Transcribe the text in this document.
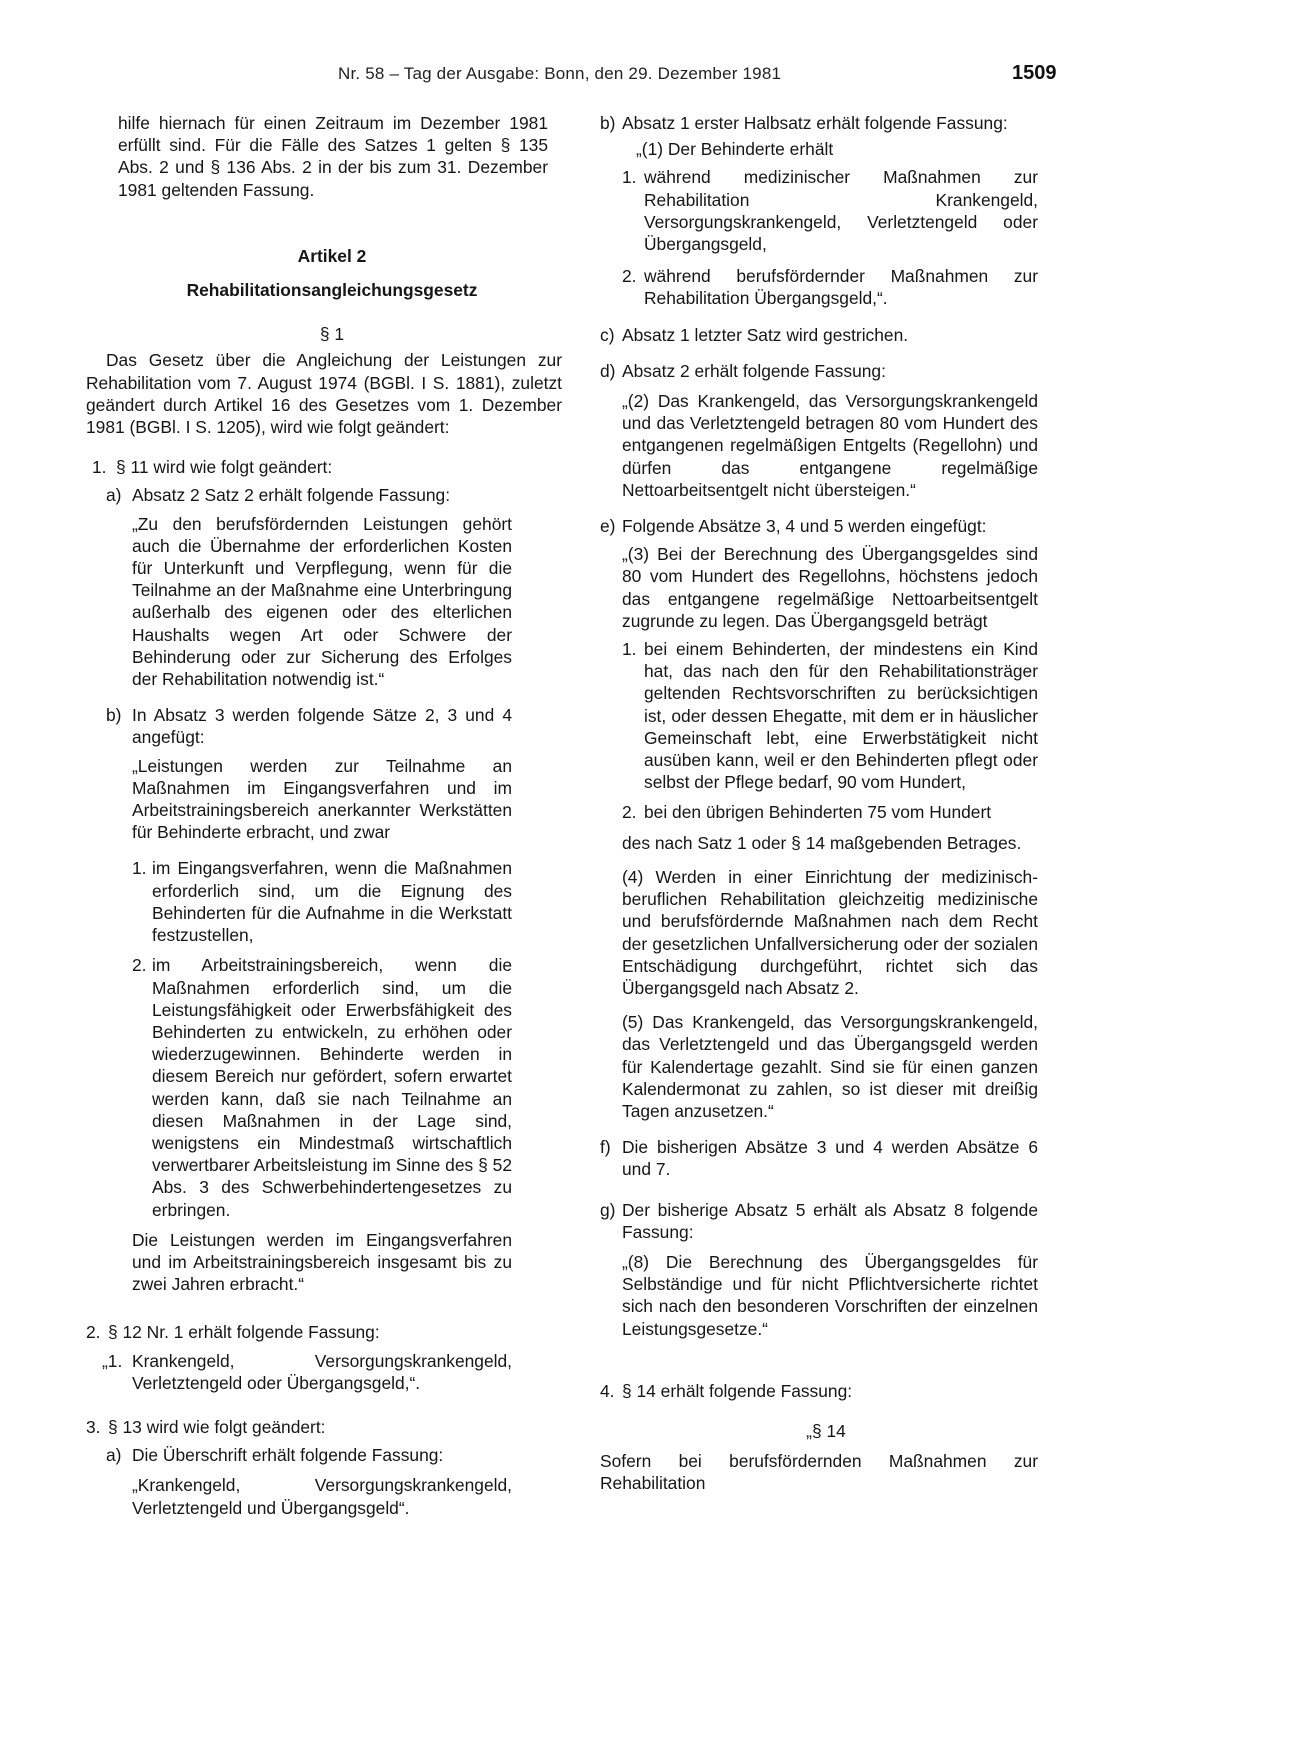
Nr. 58 – Tag der Ausgabe: Bonn, den 29. Dezember 1981	1509

hilfe hiernach für einen Zeitraum im Dezember 1981 erfüllt sind. Für die Fälle des Satzes 1 gelten § 135 Abs. 2 und § 136 Abs. 2 in der bis zum 31. Dezember 1981 geltenden Fassung.

Artikel 2

Rehabilitationsangleichungsgesetz

§ 1

Das Gesetz über die Angleichung der Leistungen zur Rehabilitation vom 7. August 1974 (BGBl. I S. 1881), zuletzt geändert durch Artikel 16 des Gesetzes vom 1. Dezember 1981 (BGBl. I S. 1205), wird wie folgt geändert:

1. § 11 wird wie folgt geändert:
a) Absatz 2 Satz 2 erhält folgende Fassung:

„Zu den berufsfördernden Leistungen gehört auch die Übernahme der erforderlichen Kosten für Unterkunft und Verpflegung, wenn für die Teilnahme an der Maßnahme eine Unterbringung außerhalb des eigenen oder des elterlichen Haushalts wegen Art oder Schwere der Behinderung oder zur Sicherung des Erfolges der Rehabilitation notwendig ist.“

b) In Absatz 3 werden folgende Sätze 2, 3 und 4 angefügt:

„Leistungen werden zur Teilnahme an Maßnahmen im Eingangsverfahren und im Arbeitstrainingsbereich anerkannter Werkstätten für Behinderte erbracht, und zwar

1. im Eingangsverfahren, wenn die Maßnahmen erforderlich sind, um die Eignung des Behinderten für die Aufnahme in die Werkstatt festzustellen,
2. im Arbeitstrainingsbereich, wenn die Maßnahmen erforderlich sind, um die Leistungsfähigkeit oder Erwerbsfähigkeit des Behinderten zu entwickeln, zu erhöhen oder wiederzugewinnen. Behinderte werden in diesem Bereich nur gefördert, sofern erwartet werden kann, daß sie nach Teilnahme an diesen Maßnahmen in der Lage sind, wenigstens ein Mindestmaß wirtschaftlich verwertbarer Arbeitsleistung im Sinne des § 52 Abs. 3 des Schwerbehindertengesetzes zu erbringen.

Die Leistungen werden im Eingangsverfahren und im Arbeitstrainingsbereich insgesamt bis zu zwei Jahren erbracht.“

2. § 12 Nr. 1 erhält folgende Fassung:
„1. Krankengeld, Versorgungskrankengeld, Verletztengeld oder Übergangsgeld,“.
3. § 13 wird wie folgt geändert:
a) Die Überschrift erhält folgende Fassung:

„Krankengeld, Versorgungskrankengeld, Verletztengeld und Übergangsgeld“.

b) Absatz 1 erster Halbsatz erhält folgende Fassung:

„(1) Der Behinderte erhält

1. während medizinischer Maßnahmen zur Rehabilitation Krankengeld, Versorgungskrankengeld, Verletztengeld oder Übergangsgeld,
2. während berufsfördernder Maßnahmen zur Rehabilitation Übergangsgeld,“.
c) Absatz 1 letzter Satz wird gestrichen.
d) Absatz 2 erhält folgende Fassung:

„(2) Das Krankengeld, das Versorgungskrankengeld und das Verletztengeld betragen 80 vom Hundert des entgangenen regelmäßigen Entgelts (Regellohn) und dürfen das entgangene regelmäßige Nettoarbeitsentgelt nicht übersteigen.“

e) Folgende Absätze 3, 4 und 5 werden eingefügt:

„(3) Bei der Berechnung des Übergangsgeldes sind 80 vom Hundert des Regellohns, höchstens jedoch das entgangene regelmäßige Nettoarbeitsentgelt zugrunde zu legen. Das Übergangsgeld beträgt

1. bei einem Behinderten, der mindestens ein Kind hat, das nach den für den Rehabilitationsträger geltenden Rechtsvorschriften zu berücksichtigen ist, oder dessen Ehegatte, mit dem er in häuslicher Gemeinschaft lebt, eine Erwerbstätigkeit nicht ausüben kann, weil er den Behinderten pflegt oder selbst der Pflege bedarf, 90 vom Hundert,
2. bei den übrigen Behinderten 75 vom Hundert

des nach Satz 1 oder § 14 maßgebenden Betrages.

(4) Werden in einer Einrichtung der medizinisch-beruflichen Rehabilitation gleichzeitig medizinische und berufsfördernde Maßnahmen nach dem Recht der gesetzlichen Unfallversicherung oder der sozialen Entschädigung durchgeführt, richtet sich das Übergangsgeld nach Absatz 2.

(5) Das Krankengeld, das Versorgungskrankengeld, das Verletztengeld und das Übergangsgeld werden für Kalendertage gezahlt. Sind sie für einen ganzen Kalendermonat zu zahlen, so ist dieser mit dreißig Tagen anzusetzen.“

f) Die bisherigen Absätze 3 und 4 werden Absätze 6 und 7.
g) Der bisherige Absatz 5 erhält als Absatz 8 folgende Fassung:

„(8) Die Berechnung des Übergangsgeldes für Selbständige und für nicht Pflichtversicherte richtet sich nach den besonderen Vorschriften der einzelnen Leistungsgesetze.“

4. § 14 erhält folgende Fassung:

„§ 14

Sofern bei berufsfördernden Maßnahmen zur Rehabilitation
